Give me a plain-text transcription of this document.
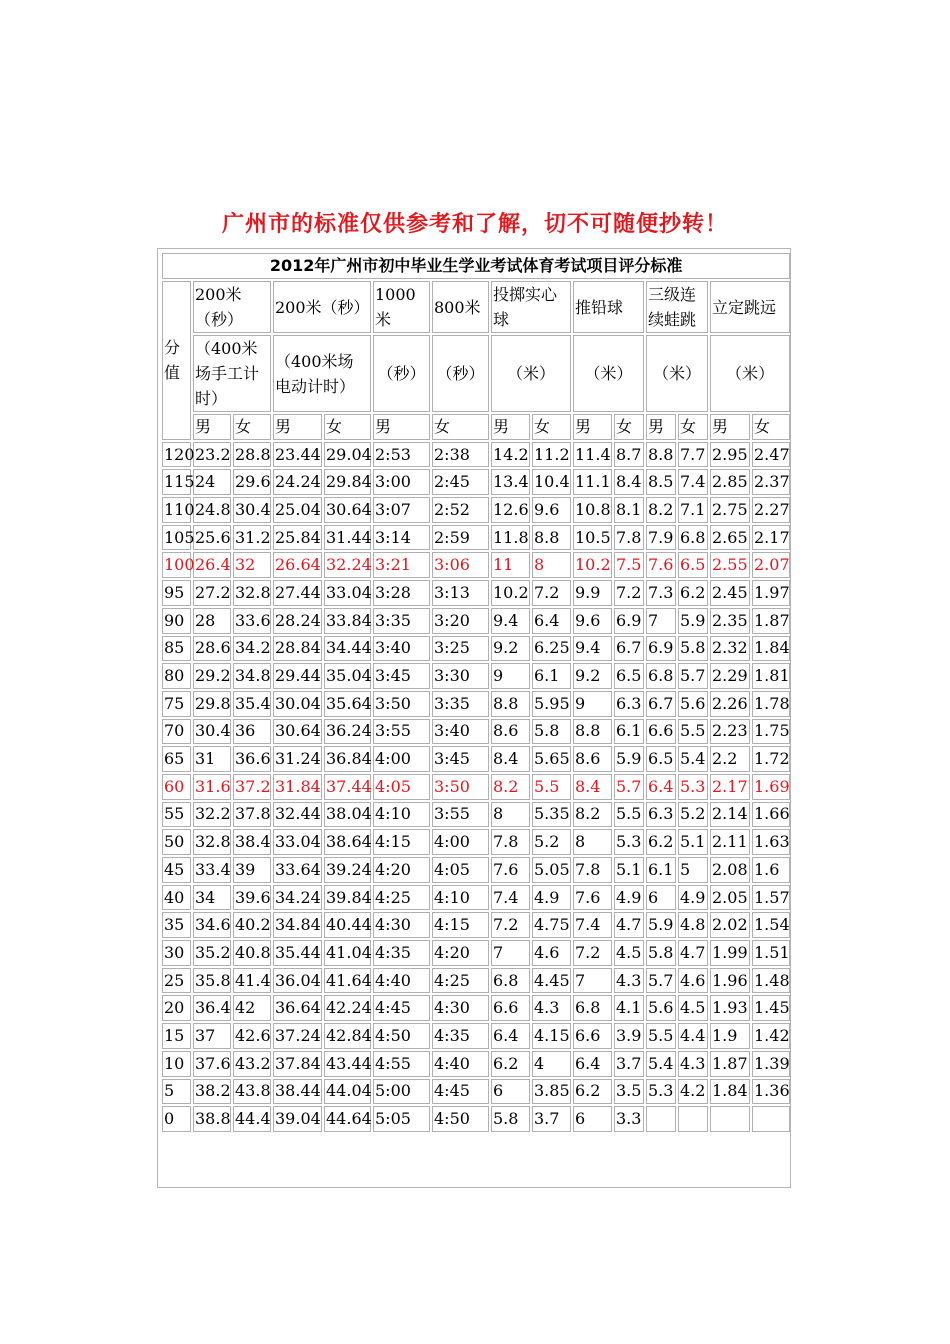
广州市的标准仅供参考和了解，切不可随便抄转！
2012年广州市初中毕业生学业考试体育考试项目评分标准														
分值	200米（秒）		200米（秒）		1000米	800米	投掷实心球		推铅球		三级连续蛙跳		立定跳远	
	（400米场手工计时）		（400米场电动计时）		（秒）	（秒）	（米）		（米）		（米）		（米）	
	男	女	男	女	男	女	男	女	男	女	男	女	男	女
120	23.2	28.8	23.44	29.04	2:53	2:38	14.2	11.2	11.4	8.7	8.8	7.7	2.95	2.47
115	24	29.6	24.24	29.84	3:00	2:45	13.4	10.4	11.1	8.4	8.5	7.4	2.85	2.37
110	24.8	30.4	25.04	30.64	3:07	2:52	12.6	9.6	10.8	8.1	8.2	7.1	2.75	2.27
105	25.6	31.2	25.84	31.44	3:14	2:59	11.8	8.8	10.5	7.8	7.9	6.8	2.65	2.17
100	26.4	32	26.64	32.24	3:21	3:06	11	8	10.2	7.5	7.6	6.5	2.55	2.07
95	27.2	32.8	27.44	33.04	3:28	3:13	10.2	7.2	9.9	7.2	7.3	6.2	2.45	1.97
90	28	33.6	28.24	33.84	3:35	3:20	9.4	6.4	9.6	6.9	7	5.9	2.35	1.87
85	28.6	34.2	28.84	34.44	3:40	3:25	9.2	6.25	9.4	6.7	6.9	5.8	2.32	1.84
80	29.2	34.8	29.44	35.04	3:45	3:30	9	6.1	9.2	6.5	6.8	5.7	2.29	1.81
75	29.8	35.4	30.04	35.64	3:50	3:35	8.8	5.95	9	6.3	6.7	5.6	2.26	1.78
70	30.4	36	30.64	36.24	3:55	3:40	8.6	5.8	8.8	6.1	6.6	5.5	2.23	1.75
65	31	36.6	31.24	36.84	4:00	3:45	8.4	5.65	8.6	5.9	6.5	5.4	2.2	1.72
60	31.6	37.2	31.84	37.44	4:05	3:50	8.2	5.5	8.4	5.7	6.4	5.3	2.17	1.69
55	32.2	37.8	32.44	38.04	4:10	3:55	8	5.35	8.2	5.5	6.3	5.2	2.14	1.66
50	32.8	38.4	33.04	38.64	4:15	4:00	7.8	5.2	8	5.3	6.2	5.1	2.11	1.63
45	33.4	39	33.64	39.24	4:20	4:05	7.6	5.05	7.8	5.1	6.1	5	2.08	1.6
40	34	39.6	34.24	39.84	4:25	4:10	7.4	4.9	7.6	4.9	6	4.9	2.05	1.57
35	34.6	40.2	34.84	40.44	4:30	4:15	7.2	4.75	7.4	4.7	5.9	4.8	2.02	1.54
30	35.2	40.8	35.44	41.04	4:35	4:20	7	4.6	7.2	4.5	5.8	4.7	1.99	1.51
25	35.8	41.4	36.04	41.64	4:40	4:25	6.8	4.45	7	4.3	5.7	4.6	1.96	1.48
20	36.4	42	36.64	42.24	4:45	4:30	6.6	4.3	6.8	4.1	5.6	4.5	1.93	1.45
15	37	42.6	37.24	42.84	4:50	4:35	6.4	4.15	6.6	3.9	5.5	4.4	1.9	1.42
10	37.6	43.2	37.84	43.44	4:55	4:40	6.2	4	6.4	3.7	5.4	4.3	1.87	1.39
5	38.2	43.8	38.44	44.04	5:00	4:45	6	3.85	6.2	3.5	5.3	4.2	1.84	1.36
0	38.8	44.4	39.04	44.64	5:05	4:50	5.8	3.7	6	3.3				
